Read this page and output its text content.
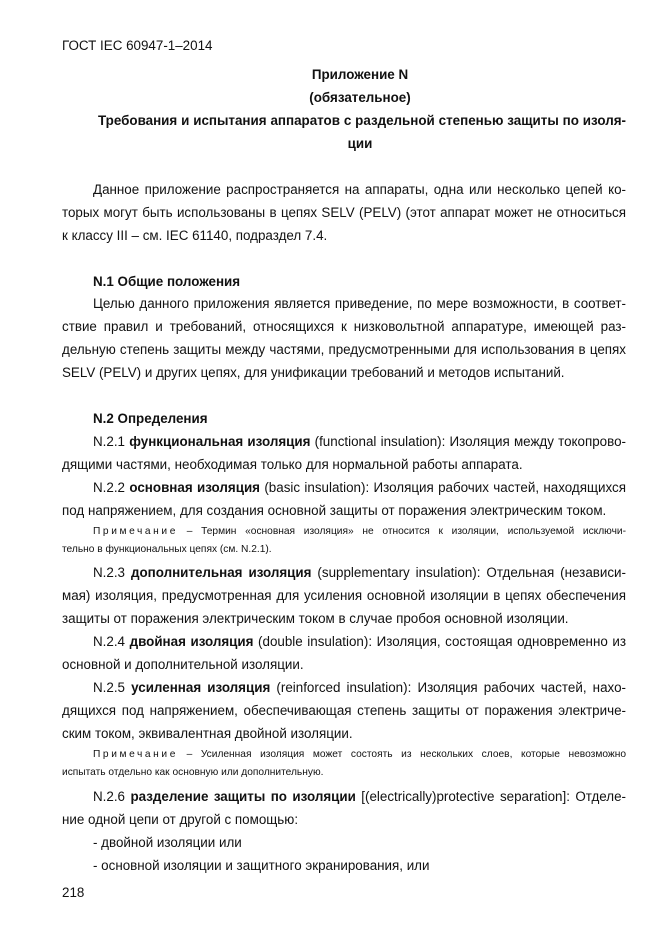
ГОСТ IEC 60947-1–2014
Приложение N
(обязательное)
Требования и испытания аппаратов с раздельной степенью защиты по изоля-
ции
Данное приложение распространяется на аппараты, одна или несколько цепей ко-
торых могут быть использованы в цепях SELV (PELV) (этот аппарат может не относиться
к классу III – см. IEC 61140, подраздел 7.4.
N.1 Общие положения
Целью данного приложения является приведение, по мере возможности, в соответ-
ствие правил и требований, относящихся к низковольтной аппаратуре, имеющей раз-
дельную степень защиты между частями, предусмотренными для использования в цепях
SELV (PELV) и других цепях, для унификации требований и методов испытаний.
N.2 Определения
N.2.1 функциональная изоляция (functional insulation): Изоляция между токопрово-
дящими частями, необходимая только для нормальной работы аппарата.
N.2.2 основная изоляция (basic insulation): Изоляция рабочих частей, находящихся
под напряжением, для создания основной защиты от поражения электрическим током.
Примечание – Термин «основная изоляция» не относится к изоляции, используемой исключи-
тельно в функциональных цепях (см. N.2.1).
N.2.3 дополнительная изоляция (supplementary insulation): Отдельная (независи-
мая) изоляция, предусмотренная для усиления основной изоляции в цепях обеспечения
защиты от поражения электрическим током в случае пробоя основной изоляции.
N.2.4 двойная изоляция (double insulation): Изоляция, состоящая одновременно из
основной и дополнительной изоляции.
N.2.5 усиленная изоляция (reinforced insulation): Изоляция рабочих частей, нахо-
дящихся под напряжением, обеспечивающая степень защиты от поражения электриче-
ским током, эквивалентная двойной изоляции.
Примечание – Усиленная изоляция может состоять из нескольких слоев, которые невозможно
испытать отдельно как основную или дополнительную.
N.2.6 разделение защиты по изоляции [(electrically)protective separation]: Отделе-
ние одной цепи от другой с помощью:
- двойной изоляции или
- основной изоляции и защитного экранирования, или
218
